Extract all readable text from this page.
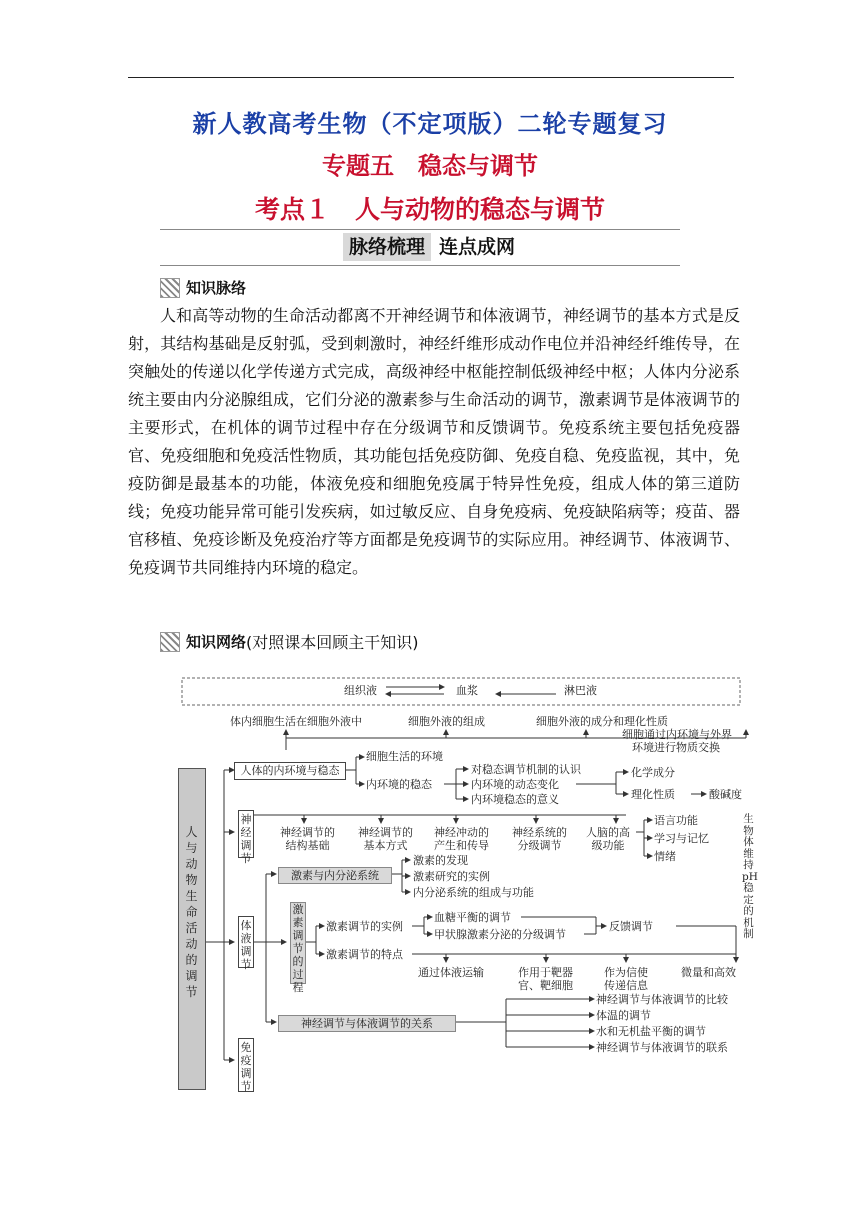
新人教高考生物（不定项版）二轮专题复习
专题五　稳态与调节
考点１　人与动物的稳态与调节
脉络梳理 连点成网
知识脉络
人和高等动物的生命活动都离不开神经调节和体液调节，神经调节的基本方式是反射，其结构基础是反射弧，受到刺激时，神经纤维形成动作电位并沿神经纤维传导，在突触处的传递以化学传递方式完成，高级神经中枢能控制低级神经中枢；人体内分泌系统主要由内分泌腺组成，它们分泌的激素参与生命活动的调节，激素调节是体液调节的主要形式，在机体的调节过程中存在分级调节和反馈调节。免疫系统主要包括免疫器官、免疫细胞和免疫活性物质，其功能包括免疫防御、免疫自稳、免疫监视，其中，免疫防御是最基本的功能，体液免疫和细胞免疫属于特异性免疫，组成人体的第三道防线；免疫功能异常可能引发疾病，如过敏反应、自身免疫病、免疫缺陷病等；疫苗、器官移植、免疫诊断及免疫治疗等方面都是免疫调节的实际应用。神经调节、体液调节、免疫调节共同维持内环境的稳定。
知识网络 (对照课本回顾主干知识)
组织液	血浆	淋巴液
体内细胞生活在细胞外液中	细胞外液的组成	细胞外液的成分和理化性质
细胞通过内环境与外界
环境进行物质交换
人与动物生命活动的调节
人体的内环境与稳态
细胞生活的环境
内环境的稳态
对稳态调节机制的认识
内环境的动态变化
内环境稳态的意义
化学成分
理化性质	酸碱度
神经调节
神经调节的
结构基础
神经调节的
基本方式
神经冲动的
产生和传导
神经系统的
分级调节
人脑的高
级功能
语言功能
学习与记忆
情绪
生物体维持pH稳定的机制
体液调节
激素与内分泌系统
激素的发现
激素研究的实例
内分泌系统的组成与功能
激素调节的过程
激素调节的实例
血糖平衡的调节
甲状腺激素分泌的分级调节
反馈调节
激素调节的特点
通过体液运输	作用于靶器
官、靶细胞
作为信使
传递信息
微量和高效
神经调节与体液调节的关系
神经调节与体液调节的比较
体温的调节
水和无机盐平衡的调节
神经调节与体液调节的联系
免疫调节
